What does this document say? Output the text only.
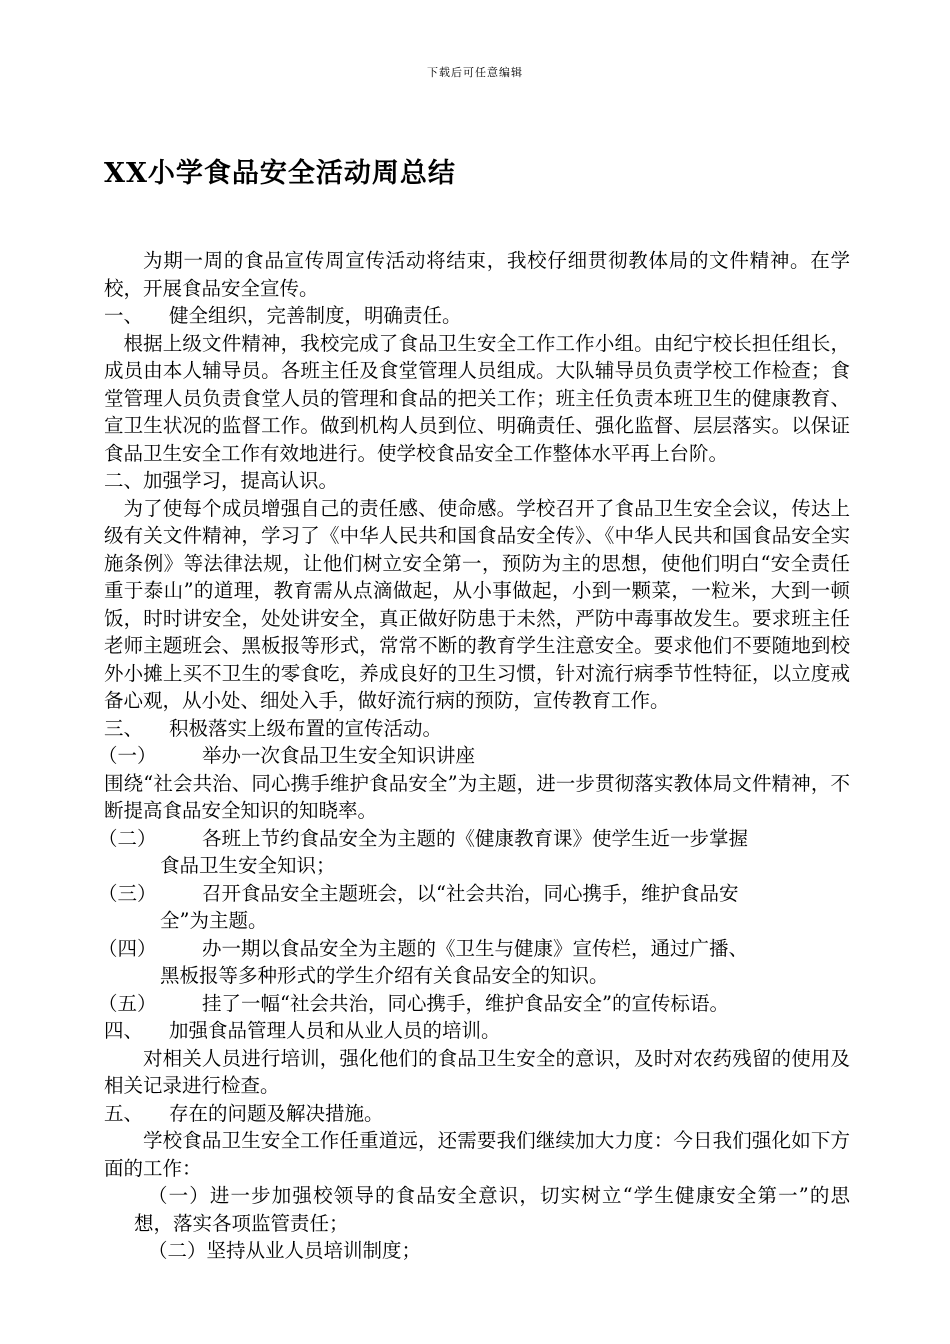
下载后可任意编辑
XX小学食品安全活动周总结

为期一周的食品宣传周宣传活动将结束，我校仔细贯彻教体局的文件精神。在学校，开展食品安全宣传。

一、	健全组织，完善制度，明确责任。

根据上级文件精神，我校完成了食品卫生安全工作工作小组。由纪宁校长担任组长，成员由本人辅导员。各班主任及食堂管理人员组成。大队辅导员负责学校工作检查；食堂管理人员负责食堂人员的管理和食品的把关工作；班主任负责本班卫生的健康教育、宣卫生状况的监督工作。做到机构人员到位、明确责任、强化监督、层层落实。以保证食品卫生安全工作有效地进行。使学校食品安全工作整体水平再上台阶。

二、加强学习，提高认识。

为了使每个成员增强自己的责任感、使命感。学校召开了食品卫生安全会议，传达上级有关文件精神，学习了《中华人民共和国食品安全传》、《中华人民共和国食品安全实施条例》等法律法规，让他们树立安全第一，预防为主的思想，使他们明白“安全责任重于泰山”的道理，教育需从点滴做起，从小事做起，小到一颗菜，一粒米，大到一顿饭，时时讲安全，处处讲安全，真正做好防患于未然，严防中毒事故发生。要求班主任老师主题班会、黑板报等形式，常常不断的教育学生注意安全。要求他们不要随地到校外小摊上买不卫生的零食吃，养成良好的卫生习惯，针对流行病季节性特征，以立度戒备心观，从小处、细处入手，做好流行病的预防，宣传教育工作。

三、	积极落实上级布置的宣传活动。
（一）	举办一次食品卫生安全知识讲座

围绕“社会共治、同心携手维护食品安全”为主题，进一步贯彻落实教体局文件精神，不断提高食品安全知识的知晓率。

（二）	各班上节约食品安全为主题的《健康教育课》使学生近一步掌握

食品卫生安全知识；

（三）	召开食品安全主题班会，以“社会共治，同心携手，维护食品安

全”为主题。

（四）	办一期以食品安全为主题的《卫生与健康》宣传栏，通过广播、

黑板报等多种形式的学生介绍有关食品安全的知识。

（五）	挂了一幅“社会共治，同心携手，维护食品安全”的宣传标语。
四、	加强食品管理人员和从业人员的培训。

对相关人员进行培训，强化他们的食品卫生安全的意识，及时对农药残留的使用及相关记录进行检查。

五、	存在的问题及解决措施。

学校食品卫生安全工作任重道远，还需要我们继续加大力度：今日我们强化如下方面的工作：

（一）进一步加强校领导的食品安全意识，切实树立“学生健康安全第一”的思想，落实各项监管责任；

（二）坚持从业人员培训制度；
